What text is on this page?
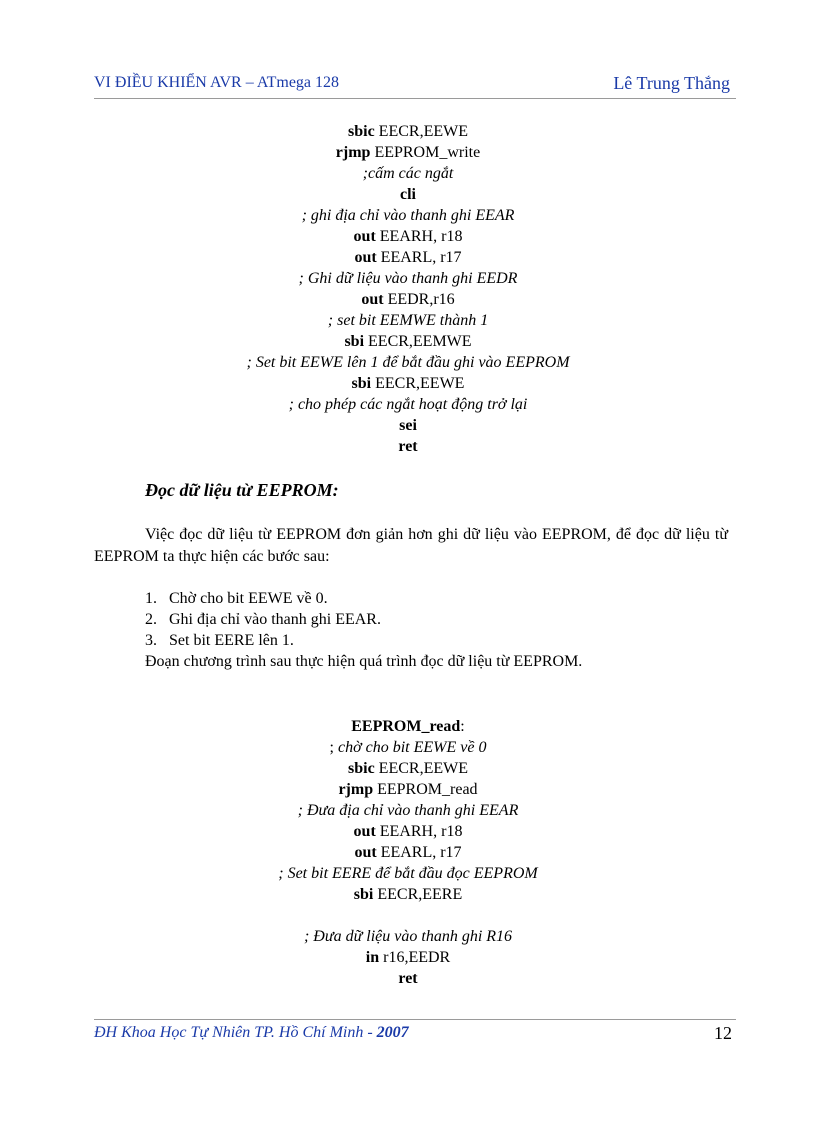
VI ĐIỀU KHIỂN AVR – ATmega 128	Lê Trung Thắng
sbic EECR,EEWE
rjmp EEPROM_write
;cấm các ngắt
cli
; ghi địa chỉ vào thanh ghi EEAR
out EEARH, r18
out EEARL, r17
; Ghi dữ liệu vào thanh ghi EEDR
out EEDR,r16
; set bit EEMWE thành 1
sbi EECR,EEMWE
; Set bit EEWE lên 1 để bắt đầu ghi vào EEPROM
sbi EECR,EEWE
; cho phép các ngắt hoạt động trở lại
sei
ret
Đọc dữ liệu từ EEPROM:
Việc đọc dữ liệu từ EEPROM đơn giản hơn ghi dữ liệu vào EEPROM, để đọc dữ liệu từ EEPROM ta thực hiện các bước sau:
1. Chờ cho bit EEWE về 0.
2. Ghi địa chỉ vào thanh ghi EEAR.
3. Set bit EERE lên 1.
Đoạn chương trình sau thực hiện quá trình đọc dữ liệu từ EEPROM.
EEPROM_read:
; chờ cho bit EEWE về 0
sbic EECR,EEWE
rjmp EEPROM_read
; Đưa địa chỉ vào thanh ghi EEAR
out EEARH, r18
out EEARL, r17
; Set bit EERE để bắt đầu đọc EEPROM
sbi EECR,EERE
; Đưa dữ liệu vào thanh ghi R16
in r16,EEDR
ret
ĐH Khoa Học Tự Nhiên TP. Hồ Chí Minh - 2007	12
